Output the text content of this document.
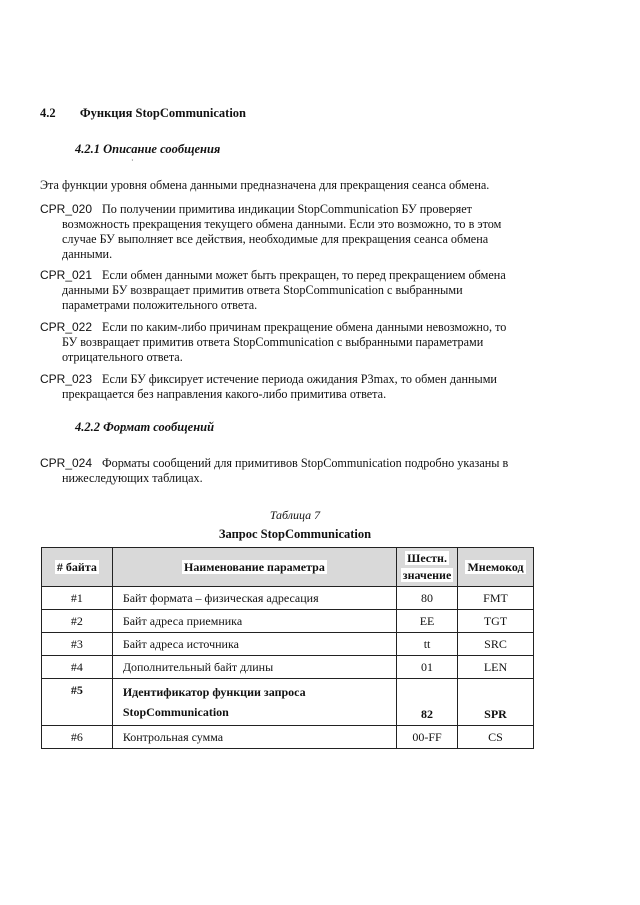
4.2 Функция StopCommunication
4.2.1 Описание сообщения
·
Эта функции уровня обмена данными предназначена для прекращения сеанса обмена.
CPR_020 По получении примитива индикации StopCommunication БУ проверяет
возможность прекращения текущего обмена данными. Если это возможно, то в этом
случае БУ выполняет все действия, необходимые для прекращения сеанса обмена
данными.
CPR_021 Если обмен данными может быть прекращен, то перед прекращением обмена
данными БУ возвращает примитив ответа StopCommunication с выбранными
параметрами положительного ответа.
CPR_022 Если по каким-либо причинам прекращение обмена данными невозможно, то
БУ возвращает примитив ответа StopCommunication с выбранными параметрами
отрицательного ответа.
CPR_023 Если БУ фиксирует истечение периода ожидания P3max, то обмен данными
прекращается без направления какого-либо примитива ответа.
4.2.2 Формат сообщений
CPR_024 Форматы сообщений для примитивов StopCommunication подробно указаны в
нижеследующих таблицах.
Таблица 7
Запрос StopCommunication
# байта	Наименование параметра	Шестн.
значение	Мнемокод
#1	Байт формата – физическая адресация	80	FMT
#2	Байт адреса приемника	EE	TGT
#3	Байт адреса источника	tt	SRC
#4	Дополнительный байт длины	01	LEN
#5	Идентификатор функции запроса
StopCommunication	82	SPR
#6	Контрольная сумма	00-FF	CS
